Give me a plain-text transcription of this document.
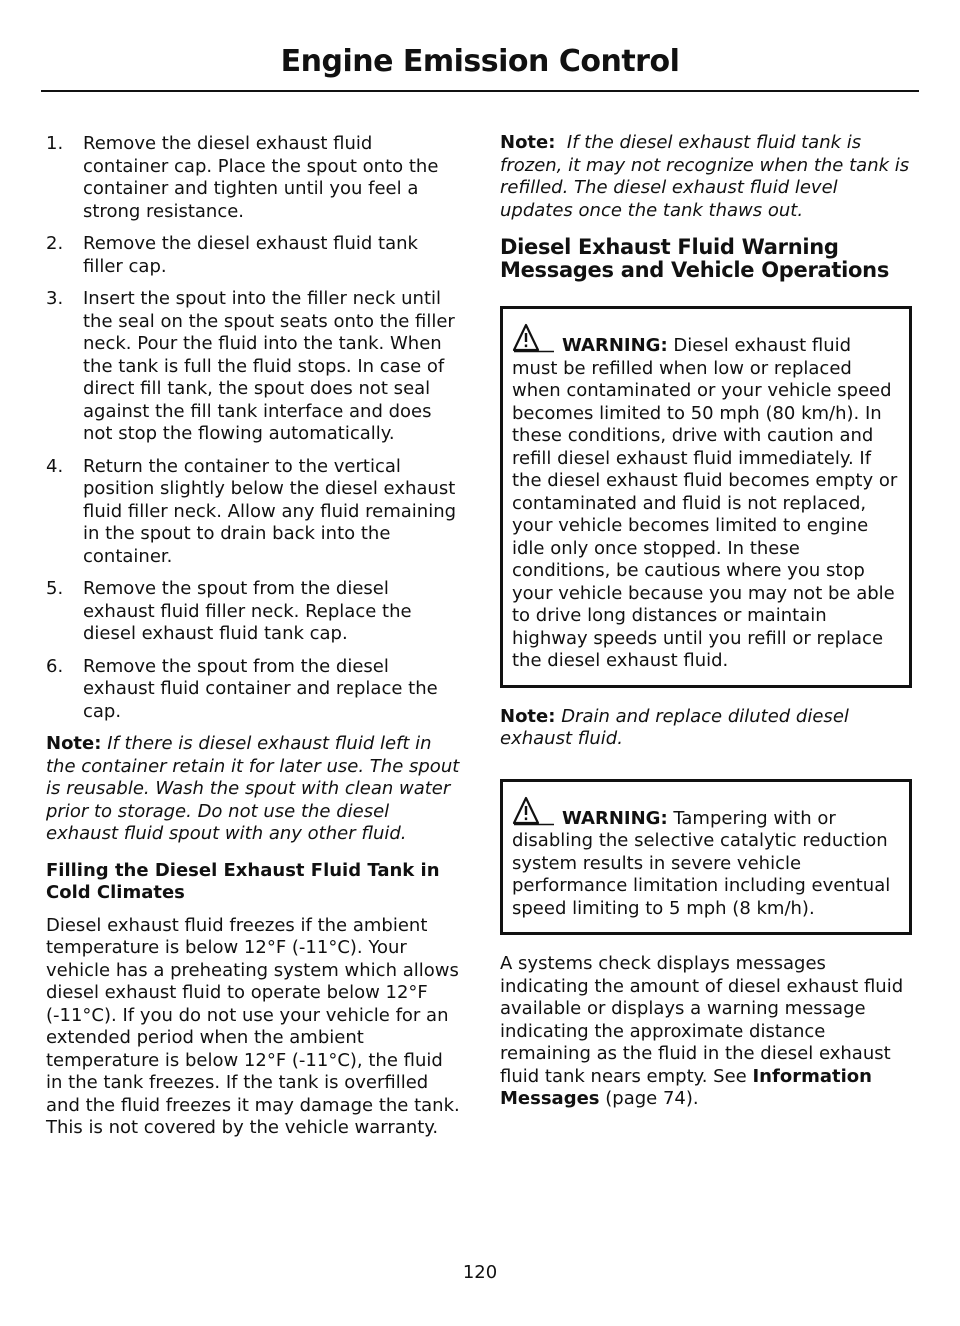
Engine Emission Control
1. Remove the diesel exhaust fluid container cap. Place the spout onto the container and tighten until you feel a strong resistance.
2. Remove the diesel exhaust fluid tank filler cap.
3. Insert the spout into the filler neck until the seal on the spout seats onto the filler neck. Pour the fluid into the tank. When the tank is full the fluid stops. In case of direct fill tank, the spout does not seal against the fill tank interface and does not stop the flowing automatically.
4. Return the container to the vertical position slightly below the diesel exhaust fluid filler neck. Allow any fluid remaining in the spout to drain back into the container.
5. Remove the spout from the diesel exhaust fluid filler neck. Replace the diesel exhaust fluid tank cap.
6. Remove the spout from the diesel exhaust fluid container and replace the cap.

Note: If there is diesel exhaust fluid left in the container retain it for later use. The spout is reusable. Wash the spout with clean water prior to storage. Do not use the diesel exhaust fluid spout with any other fluid.

Filling the Diesel Exhaust Fluid Tank in Cold Climates

Diesel exhaust fluid freezes if the ambient temperature is below 12°F (-11°C). Your vehicle has a preheating system which allows diesel exhaust fluid to operate below 12°F (-11°C). If you do not use your vehicle for an extended period when the ambient temperature is below 12°F (-11°C), the fluid in the tank freezes. If the tank is overfilled and the fluid freezes it may damage the tank. This is not covered by the vehicle warranty.

Note: If the diesel exhaust fluid tank is frozen, it may not recognize when the tank is refilled. The diesel exhaust fluid level updates once the tank thaws out.

Diesel Exhaust Fluid Warning Messages and Vehicle Operations
WARNING: Diesel exhaust fluid must be refilled when low or replaced when contaminated or your vehicle speed becomes limited to 50 mph (80 km/h). In these conditions, drive with caution and refill diesel exhaust fluid immediately. If the diesel exhaust fluid becomes empty or contaminated and fluid is not replaced, your vehicle becomes limited to engine idle only once stopped. In these conditions, be cautious where you stop your vehicle because you may not be able to drive long distances or maintain highway speeds until you refill or replace the diesel exhaust fluid.

Note: Drain and replace diluted diesel exhaust fluid.

WARNING: Tampering with or disabling the selective catalytic reduction system results in severe vehicle performance limitation including eventual speed limiting to 5 mph (8 km/h).

A systems check displays messages indicating the amount of diesel exhaust fluid available or displays a warning message indicating the approximate distance remaining as the fluid in the diesel exhaust fluid tank nears empty. See Information Messages (page 74).

120
